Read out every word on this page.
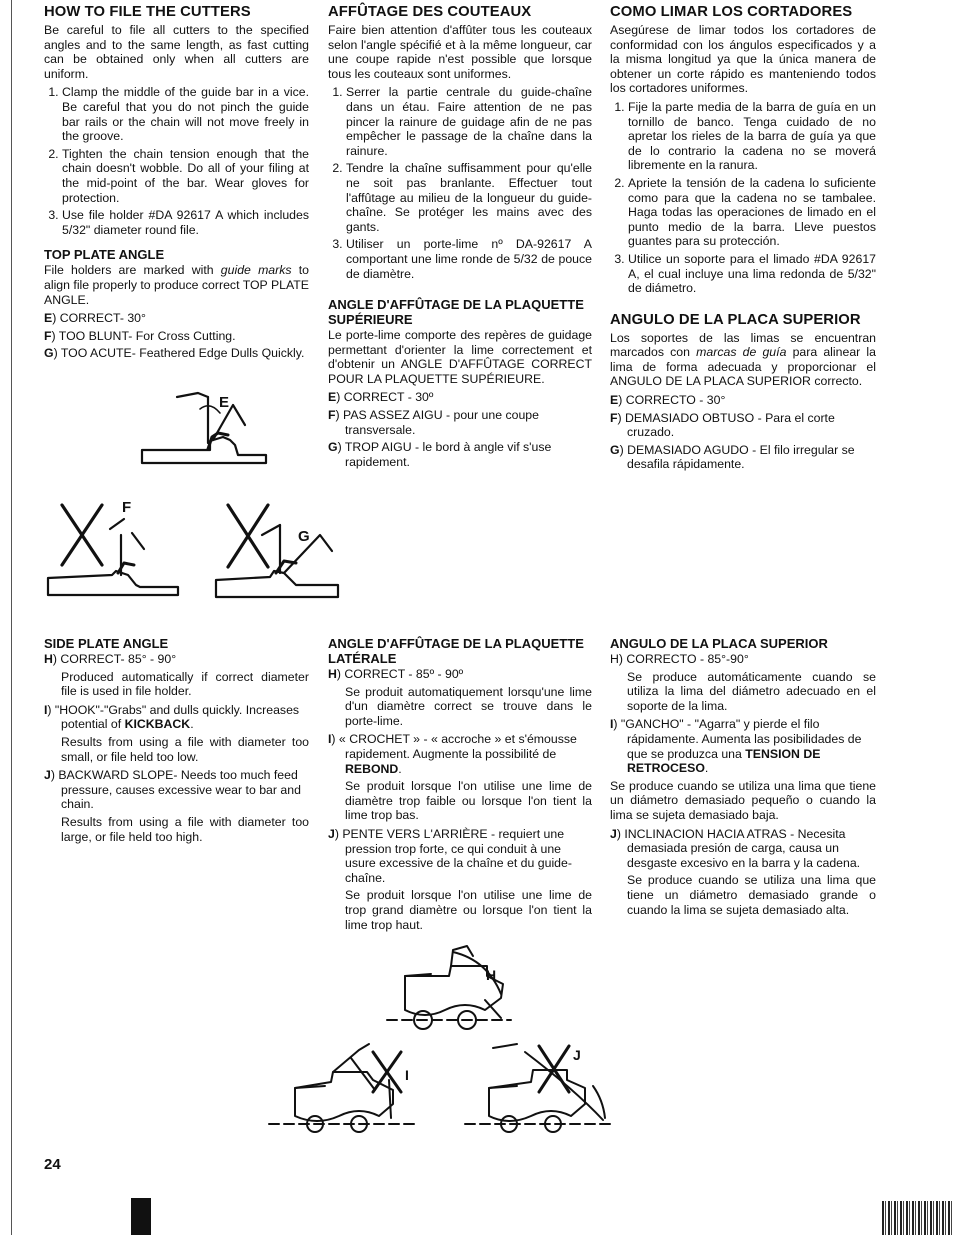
HOW TO FILE THE CUTTERS

Be careful to file all cutters to the specified angles and to the same length, as fast cutting can be obtained only when all cutters are uniform.

1. Clamp the middle of the guide bar in a vice. Be careful that you do not pinch the guide bar rails or the chain will not move freely in the groove.
2. Tighten the chain tension enough that the chain doesn't wobble. Do all of your filing at the mid-point of the bar. Wear gloves for protection.
3. Use file holder #DA 92617 A which includes 5/32" diameter round file.
TOP PLATE ANGLE

File holders are marked with guide marks to align file properly to produce correct TOP PLATE ANGLE.

E) CORRECT- 30°
F) TOO BLUNT- For Cross Cutting.
G) TOO ACUTE- Feathered Edge Dulls Quickly.
AFFÛTAGE DES COUTEAUX

Faire bien attention d'affûter tous les couteaux selon l'angle spécifié et à la même longueur, car une coupe rapide n'est possible que lorsque tous les couteaux sont uniformes.

1. Serrer la partie centrale du guide-chaîne dans un étau. Faire attention de ne pas pincer la rainure de guidage afin de ne pas empêcher le passage de la chaîne dans la rainure.
2. Tendre la chaîne suffisamment pour qu'elle ne soit pas branlante. Effectuer tout l'affûtage au milieu de la longueur du guide-chaîne. Se protéger les mains avec des gants.
3. Utiliser un porte-lime nº DA-92617 A comportant une lime ronde de 5/32 de pouce de diamètre.
ANGLE D'AFFÛTAGE DE LA PLAQUETTE SUPÉRIEURE

Le porte-lime comporte des repères de guidage permettant d'orienter la lime correctement et d'obtenir un ANGLE D'AFFÛTAGE CORRECT POUR LA PLAQUETTE SUPÉRIEURE.

E) CORRECT - 30º
F) PAS ASSEZ AIGU - pour une coupe transversale.
G) TROP AIGU - le bord à angle vif s'use rapidement.
COMO LIMAR LOS CORTADORES

Asegúrese de limar todos los cortadores de conformidad con los ángulos especificados y a la misma longitud ya que la única manera de obtener un corte rápido es manteniendo todos los cortadores uniformes.

1. Fije la parte media de la barra de guía en un tornillo de banco. Tenga cuidado de no apretar los rieles de la barra de guía ya que de lo contrario la cadena no se moverá libremente en la ranura.
2. Apriete la tensión de la cadena lo suficiente como para que la cadena no se tambalee. Haga todas las operaciones de limado en el punto medio de la barra. Lleve puestos guantes para su protección.
3. Utilice un soporte para el limado #DA 92617 A, el cual incluye una lima redonda de 5/32" de diámetro.
ANGULO DE LA PLACA SUPERIOR

Los soportes de las limas se encuentran marcados con marcas de guía para alinear la lima de forma adecuada y proporcionar el ANGULO DE LA PLACA SUPERIOR correcto.

E) CORRECTO - 30°
F) DEMASIADO OBTUSO - Para el corte cruzado.
G) DEMASIADO AGUDO - El filo irregular se desafila rápidamente.
E
F
G
SIDE PLATE ANGLE
H) CORRECT- 85° - 90°

Produced automatically if correct diameter file is used in file holder.

I) "HOOK"-"Grabs" and dulls quickly. Increases potential of KICKBACK.

Results from using a file with diameter too small, or file held too low.

J) BACKWARD SLOPE- Needs too much feed pressure, causes excessive wear to bar and chain.

Results from using a file with diameter too large, or file held too high.

ANGLE D'AFFÛTAGE DE LA PLAQUETTE LATÉRALE
H) CORRECT - 85º - 90º

Se produit automatiquement lorsqu'une lime d'un diamètre correct se trouve dans le porte-lime.

I) « CROCHET » - « accroche » et s'émousse rapidement. Augmente la possibilité de REBOND.

Se produit lorsque l'on utilise une lime de diamètre trop faible ou lorsque l'on tient la lime trop bas.

J) PENTE VERS L'ARRIÈRE - requiert une pression trop forte, ce qui conduit à une usure excessive de la chaîne et du guide-chaîne.

Se produit lorsque l'on utilise une lime de trop grand diamètre ou lorsque l'on tient la lime trop haut.

ANGULO DE LA PLACA SUPERIOR
H) CORRECTO - 85°-90°

Se produce automáticamente cuando se utiliza la lima del diámetro adecuado en el soporte de la lima.

I) "GANCHO" - "Agarra" y pierde el filo rápidamente. Aumenta las posibilidades de que se produzca una TENSION DE RETROCESO.

Se produce cuando se utiliza una lima que tiene un diámetro demasiado pequeño o cuando la lima se sujeta demasiado baja.

J) INCLINACION HACIA ATRAS - Necesita demasiada presión de carga, causa un desgaste excesivo en la barra y la cadena.

Se produce cuando se utiliza una lima que tiene un diámetro demasiado grande o cuando la lima se sujeta demasiado alta.

H
I
J
24
